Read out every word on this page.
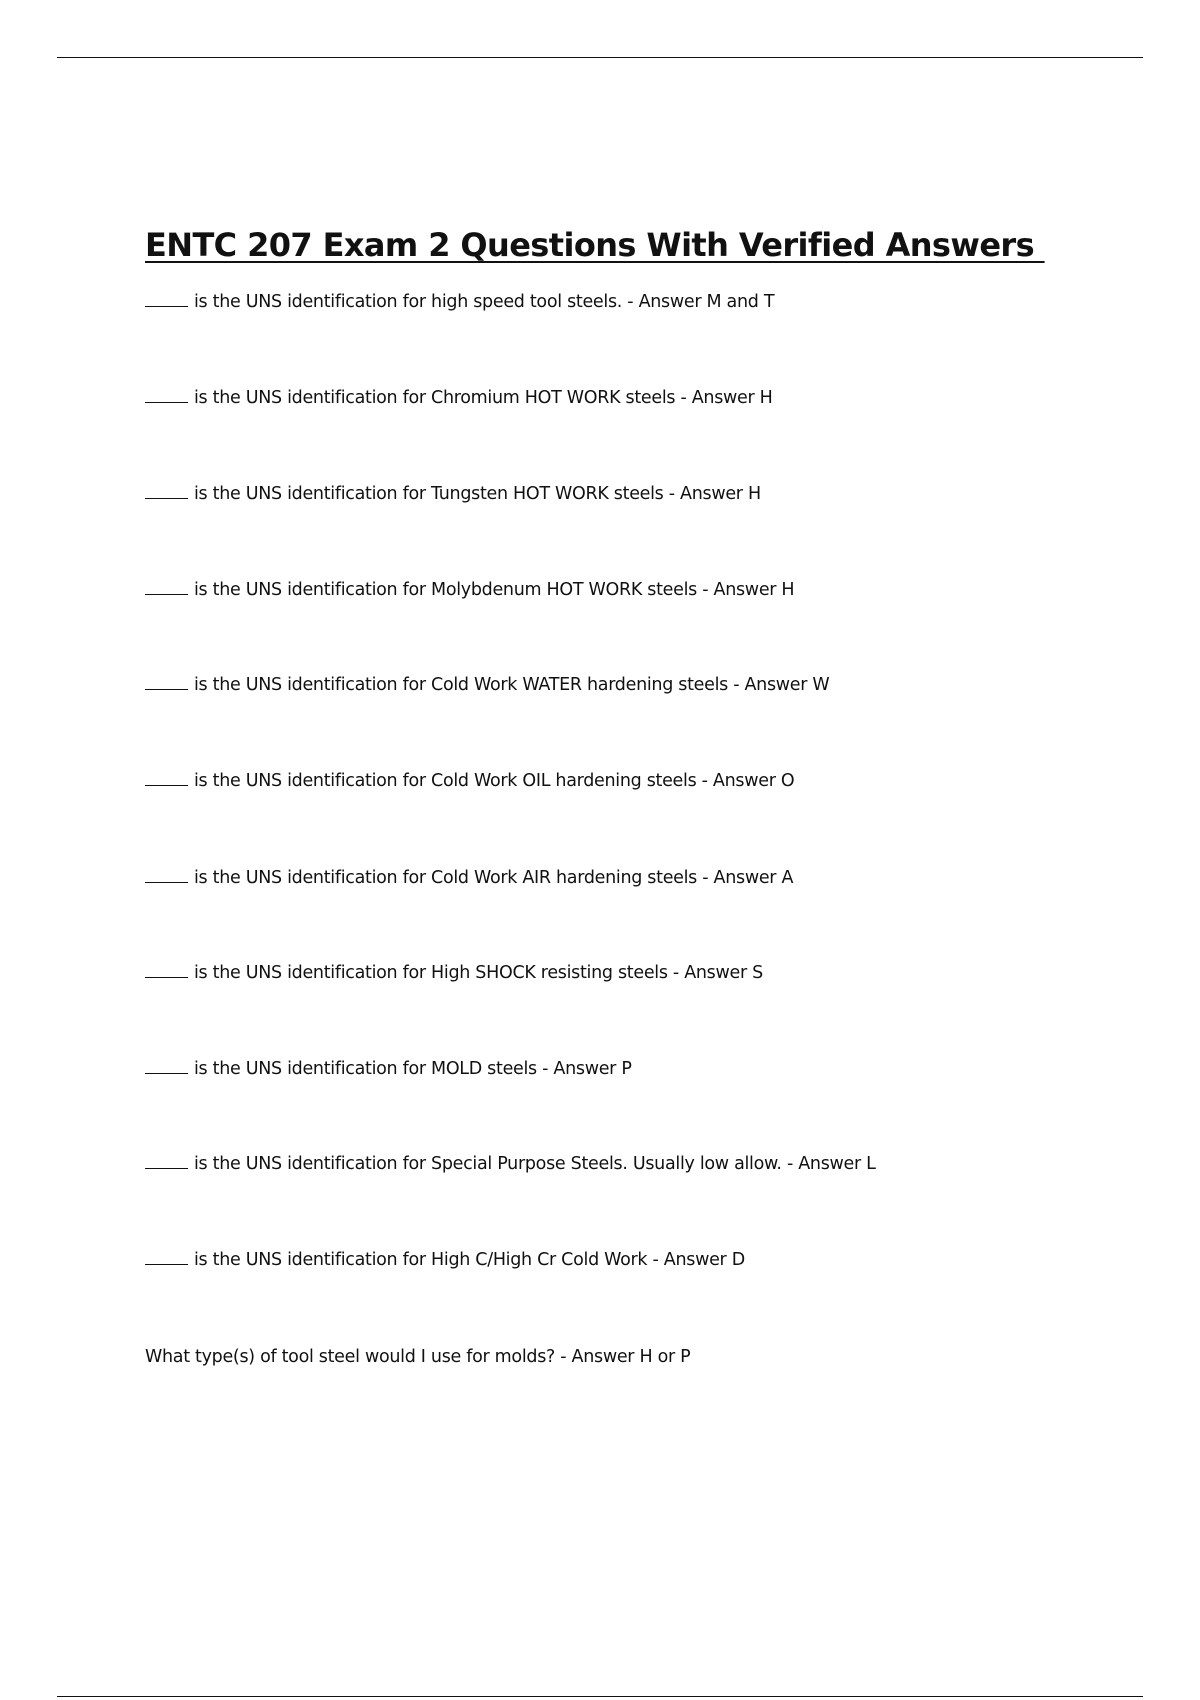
ENTC 207 Exam 2 Questions With Verified Answers

is the UNS identification for high speed tool steels. - Answer M and T

is the UNS identification for Chromium HOT WORK steels - Answer H

is the UNS identification for Tungsten HOT WORK steels - Answer H

is the UNS identification for Molybdenum HOT WORK steels - Answer H

is the UNS identification for Cold Work WATER hardening steels - Answer W

is the UNS identification for Cold Work OIL hardening steels - Answer O

is the UNS identification for Cold Work AIR hardening steels - Answer A

is the UNS identification for High SHOCK resisting steels - Answer S

is the UNS identification for MOLD steels - Answer P

is the UNS identification for Special Purpose Steels. Usually low allow. - Answer L

is the UNS identification for High C/High Cr Cold Work - Answer D

What type(s) of tool steel would I use for molds? - Answer H or P
